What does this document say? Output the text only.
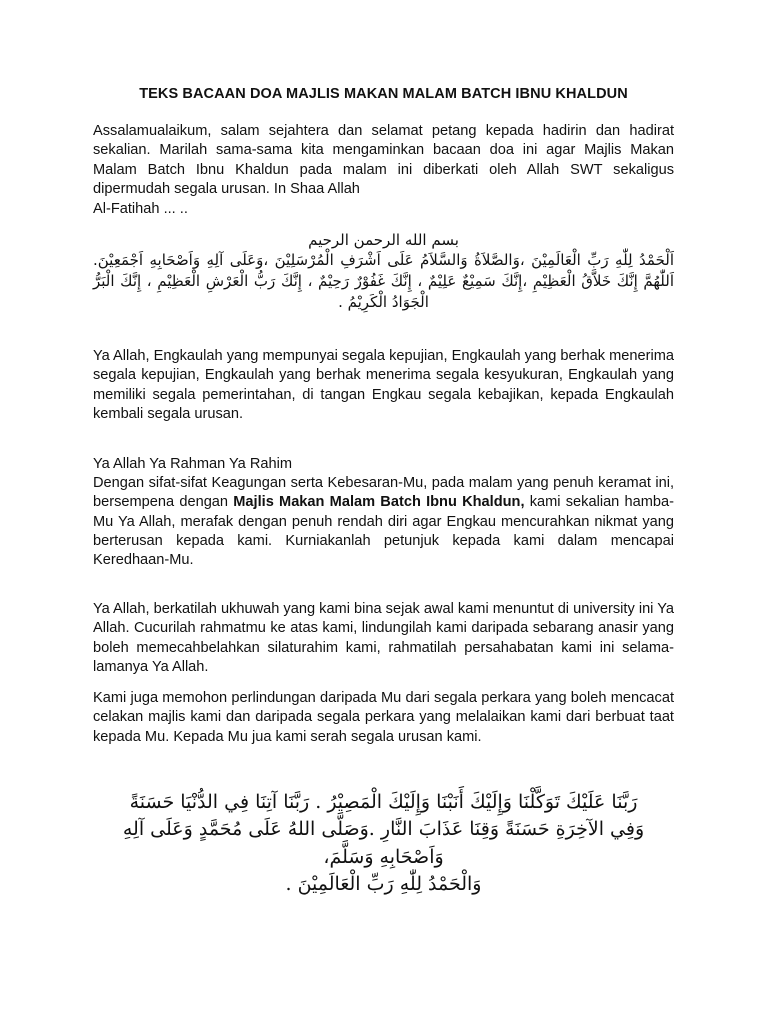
TEKS BACAAN DOA MAJLIS MAKAN MALAM BATCH IBNU KHALDUN
Assalamualaikum, salam sejahtera dan selamat petang kepada hadirin dan hadirat sekalian. Marilah sama-sama kita mengaminkan bacaan doa ini agar Majlis Makan Malam Batch Ibnu Khaldun pada malam ini diberkati oleh Allah SWT sekaligus dipermudah segala urusan. In Shaa Allah
Al-Fatihah ... ..
بسم الله الرحمن الرحيم
اَلْحَمْدُ لِلّٰهِ رَبِّ الْعَالَمِيْنَ ،وَالصَّلاَةُ وَالسَّلاَمُ عَلَى اَشْرَفِ الْمُرْسَلِيْنَ ،وَعَلَى آلِهِ وَاَصْحَابِهِ اَجْمَعِيْنَ. اَللّٰهُمَّ إِنَّكَ خَلاَّقُ الْعَظِيْمِ ،إِنَّكَ سَمِيْعٌ عَلِيْمٌ ، إِنَّكَ غَفُوْرٌ رَحِيْمٌ ، إِنَّكَ رَبُّ الْعَرْشِ الْعَظِيْمِ ، إِنَّكَ الْبَرُّ الْجَوَادُ الْكَرِيْمُ .
Ya Allah, Engkaulah yang mempunyai segala kepujian, Engkaulah yang berhak menerima segala kepujian, Engkaulah yang berhak menerima segala kesyukuran, Engkaulah yang memiliki segala pemerintahan, di tangan Engkau segala kebajikan, kepada Engkaulah kembali segala urusan.
Ya Allah Ya Rahman Ya Rahim
Dengan sifat-sifat Keagungan serta Kebesaran-Mu, pada malam yang penuh keramat ini, bersempena dengan Majlis Makan Malam Batch Ibnu Khaldun, kami sekalian hamba-Mu Ya Allah, merafak dengan penuh rendah diri agar Engkau mencurahkan nikmat yang berterusan kepada kami. Kurniakanlah petunjuk kepada kami dalam mencapai Keredhaan-Mu.
Ya Allah, berkatilah ukhuwah yang kami bina sejak awal kami menuntut di university ini Ya Allah. Cucurilah rahmatmu ke atas kami, lindungilah kami daripada sebarang anasir yang boleh memecahbelahkan silaturahim kami, rahmatilah persahabatan kami ini selama-lamanya Ya Allah.
Kami juga memohon perlindungan daripada Mu dari segala perkara yang boleh mencacat celakan majlis kami dan daripada segala perkara yang melalaikan kami dari berbuat taat kepada Mu. Kepada Mu jua kami serah segala urusan kami.
رَبَّنَا عَلَيْكَ تَوَكَّلْنَا وَإِلَيْكَ أَنَبْنَا وَإِلَيْكَ الْمَصِيْرُ . رَبَّنَا آتِنَا فِي الدُّنْيَا حَسَنَةً
وَفِي الآخِرَةِ حَسَنَةً وَقِنَا عَذَابَ النَّارِ .وَصَلَّى اللهُ عَلَى مُحَمَّدٍ وَعَلَى آلِهِ
وَاَصْحَابِهِ وَسَلَّمَ،
وَالْحَمْدُ لِلّٰهِ رَبِّ الْعَالَمِيْنَ .
